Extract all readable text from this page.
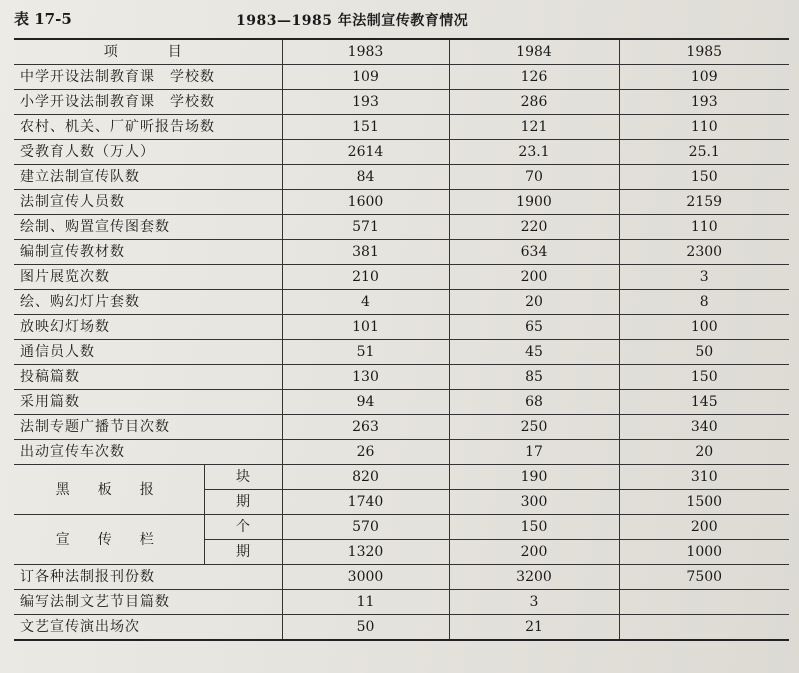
表 17-5	1983—1985 年法制宣传教育情况
项目		1983	1984	1985
中学开设法制教育课　学校数		109	126	109
小学开设法制教育课　学校数		193	286	193
农村、机关、厂矿听报告场数		151	121	110
受教育人数（万人）		2614	23.1	25.1
建立法制宣传队数		84	70	150
法制宣传人员数		1600	1900	2159
绘制、购置宣传图套数		571	220	110
编制宣传教材数		381	634	2300
图片展览次数		210	200	3
绘、购幻灯片套数		4	20	8
放映幻灯场数		101	65	100
通信员人数		51	45	50
投稿篇数		130	85	150
采用篇数		94	68	145
法制专题广播节目次数		263	250	340
出动宣传车次数		26	17	20
黑板报	块	820	190	310
	期	1740	300	1500
宣传栏	个	570	150	200
	期	1320	200	1000
订各种法制报刊份数		3000	3200	7500
编写法制文艺节目篇数		11	3	
文艺宣传演出场次		50	21	
